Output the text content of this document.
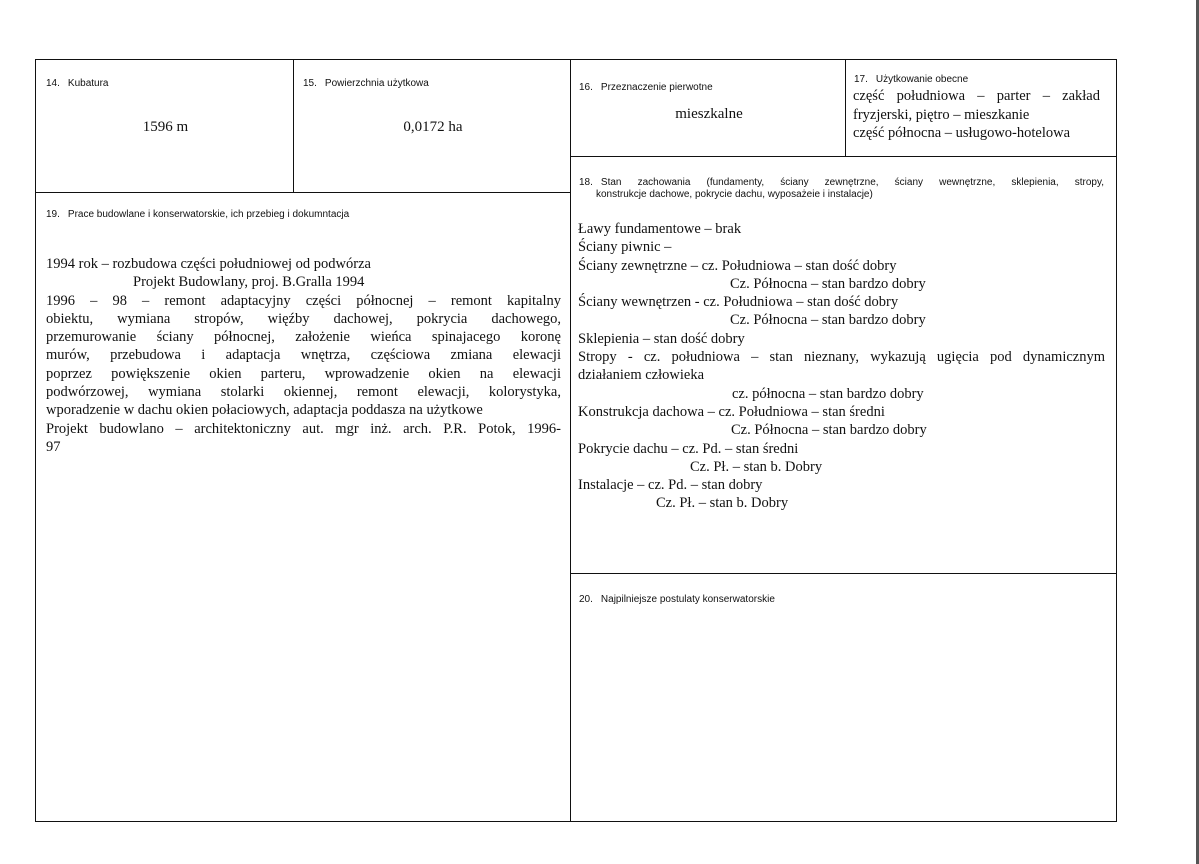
14. Kubatura
1596 m
15. Powierzchnia użytkowa
0,0172 ha
16. Przeznaczenie pierwotne
mieszkalne
17. Użytkowanie obecne
część południowa – parter – zakład
fryzjerski, piętro – mieszkanie
część północna – usługowo-hotelowa
18. Stan zachowania (fundamenty, ściany zewnętrzne, ściany wewnętrzne, sklepienia, stropy,
konstrukcje dachowe, pokrycie dachu, wyposażeie i instalacje)
Ławy fundamentowe – brak
Ściany piwnic –
Ściany zewnętrzne – cz. Południowa – stan dość dobry
Cz. Północna – stan bardzo dobry
Ściany wewnętrzen - cz. Południowa – stan dość dobry
Cz. Północna – stan bardzo dobry
Sklepienia – stan dość dobry
Stropy - cz. południowa – stan nieznany, wykazują ugięcia pod dynamicznym
działaniem człowieka
cz. północna – stan bardzo dobry
Konstrukcja dachowa – cz. Południowa – stan średni
Cz. Północna – stan bardzo dobry
Pokrycie dachu – cz. Pd. – stan średni
Cz. Pł. – stan b. Dobry
Instalacje – cz. Pd. – stan dobry
Cz. Pł. – stan b. Dobry
19. Prace budowlane i konserwatorskie, ich przebieg i dokumntacja
1994 rok – rozbudowa części południowej od podwórza
Projekt Budowlany, proj. B.Gralla 1994
1996 – 98 – remont adaptacyjny części północnej – remont kapitalny
obiektu, wymiana stropów, więźby dachowej, pokrycia dachowego,
przemurowanie ściany północnej, założenie wieńca spinajacego koronę
murów, przebudowa i adaptacja wnętrza, częściowa zmiana elewacji
poprzez powiększenie okien parteru, wprowadzenie okien na elewacji
podwórzowej, wymiana stolarki okiennej, remont elewacji, kolorystyka,
wporadzenie w dachu okien połaciowych, adaptacja poddasza na użytkowe
Projekt budowlano – architektoniczny aut. mgr inż. arch. P.R. Potok, 1996-
97
20. Najpilniejsze postulaty konserwatorskie
